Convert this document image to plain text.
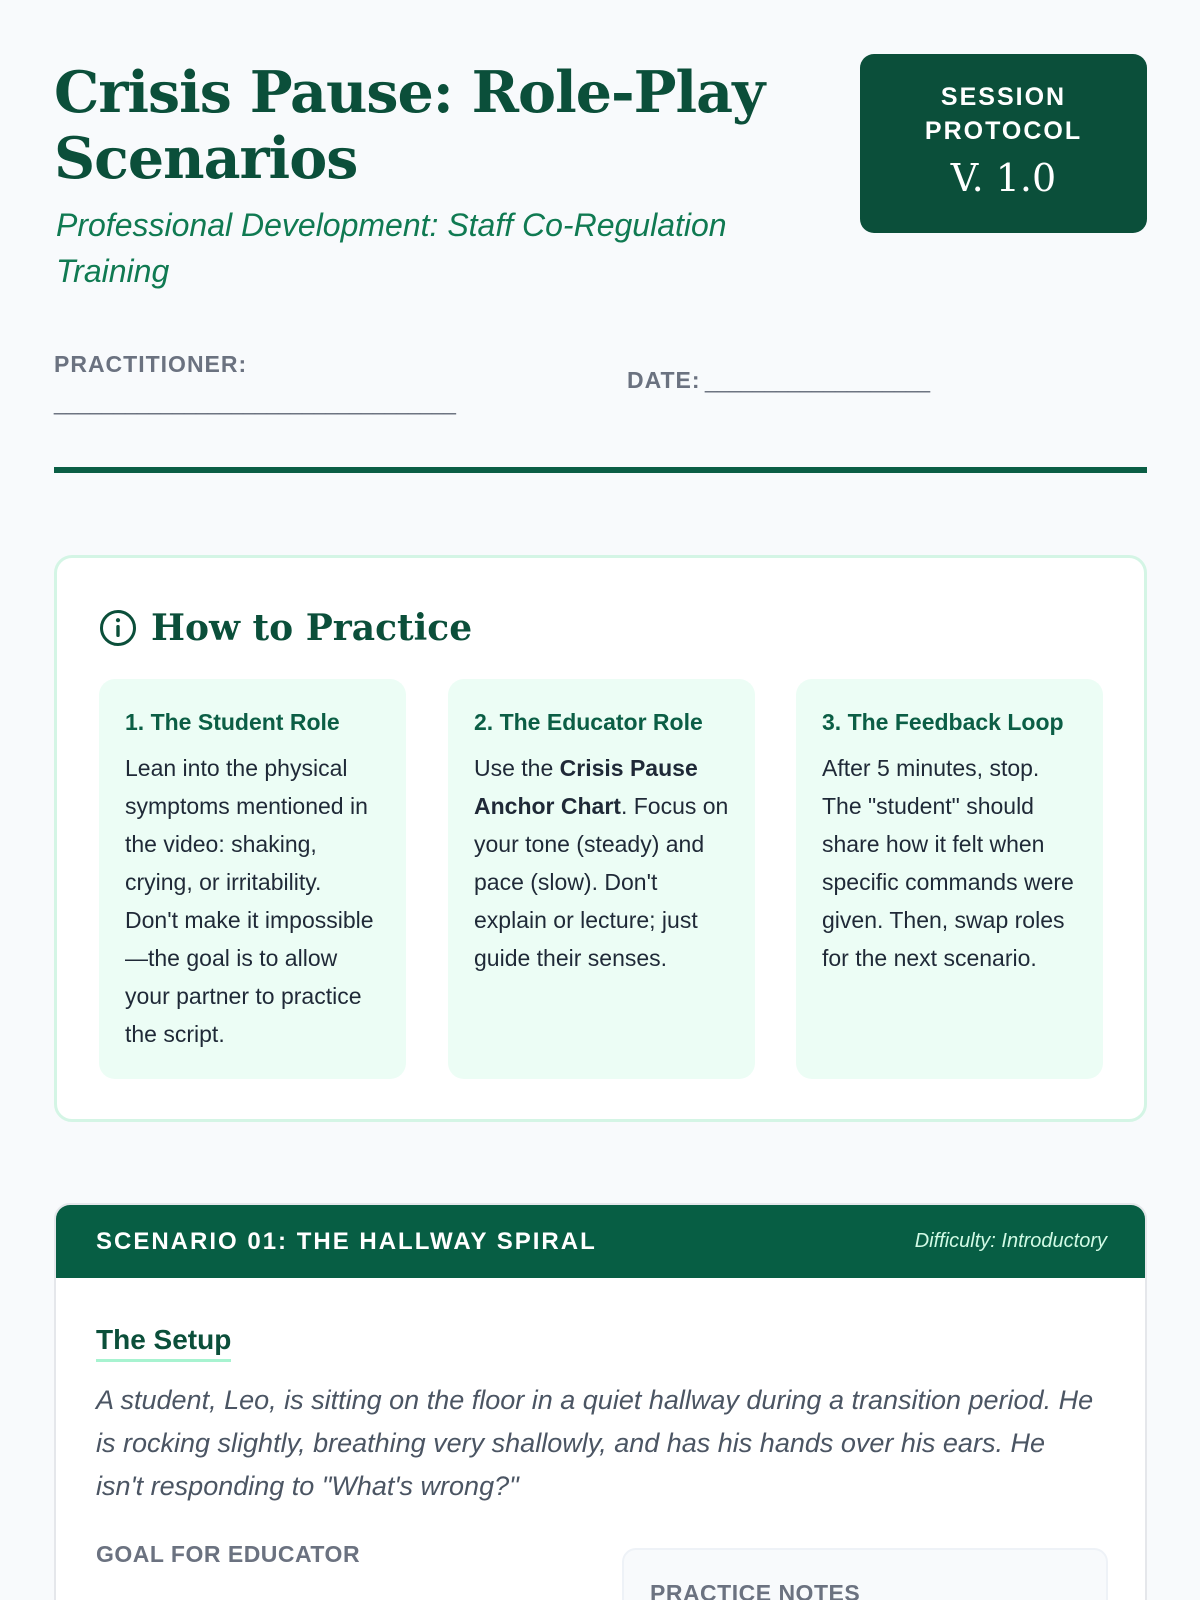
Crisis Pause: Role-Play Scenarios
Professional Development: Staff Co-Regulation Training
SESSION PROTOCOL
V. 1.0
PRACTITIONER:
__________________________________
DATE: ___________________
How to Practice
1. The Student Role
Lean into the physical symptoms mentioned in the video: shaking, crying, or irritability. Don't make it impossible—the goal is to allow your partner to practice the script.
2. The Educator Role
Use the Crisis Pause Anchor Chart. Focus on your tone (steady) and pace (slow). Don't explain or lecture; just guide their senses.
3. The Feedback Loop
After 5 minutes, stop. The "student" should share how it felt when specific commands were given. Then, swap roles for the next scenario.
SCENARIO 01: THE HALLWAY SPIRAL	Difficulty: Introductory
The Setup

A student, Leo, is sitting on the floor in a quiet hallway during a transition period. He is rocking slightly, breathing very shallowly, and has his hands over his ears. He isn't responding to "What's wrong?"

GOAL FOR EDUCATOR
PRACTICE NOTES
